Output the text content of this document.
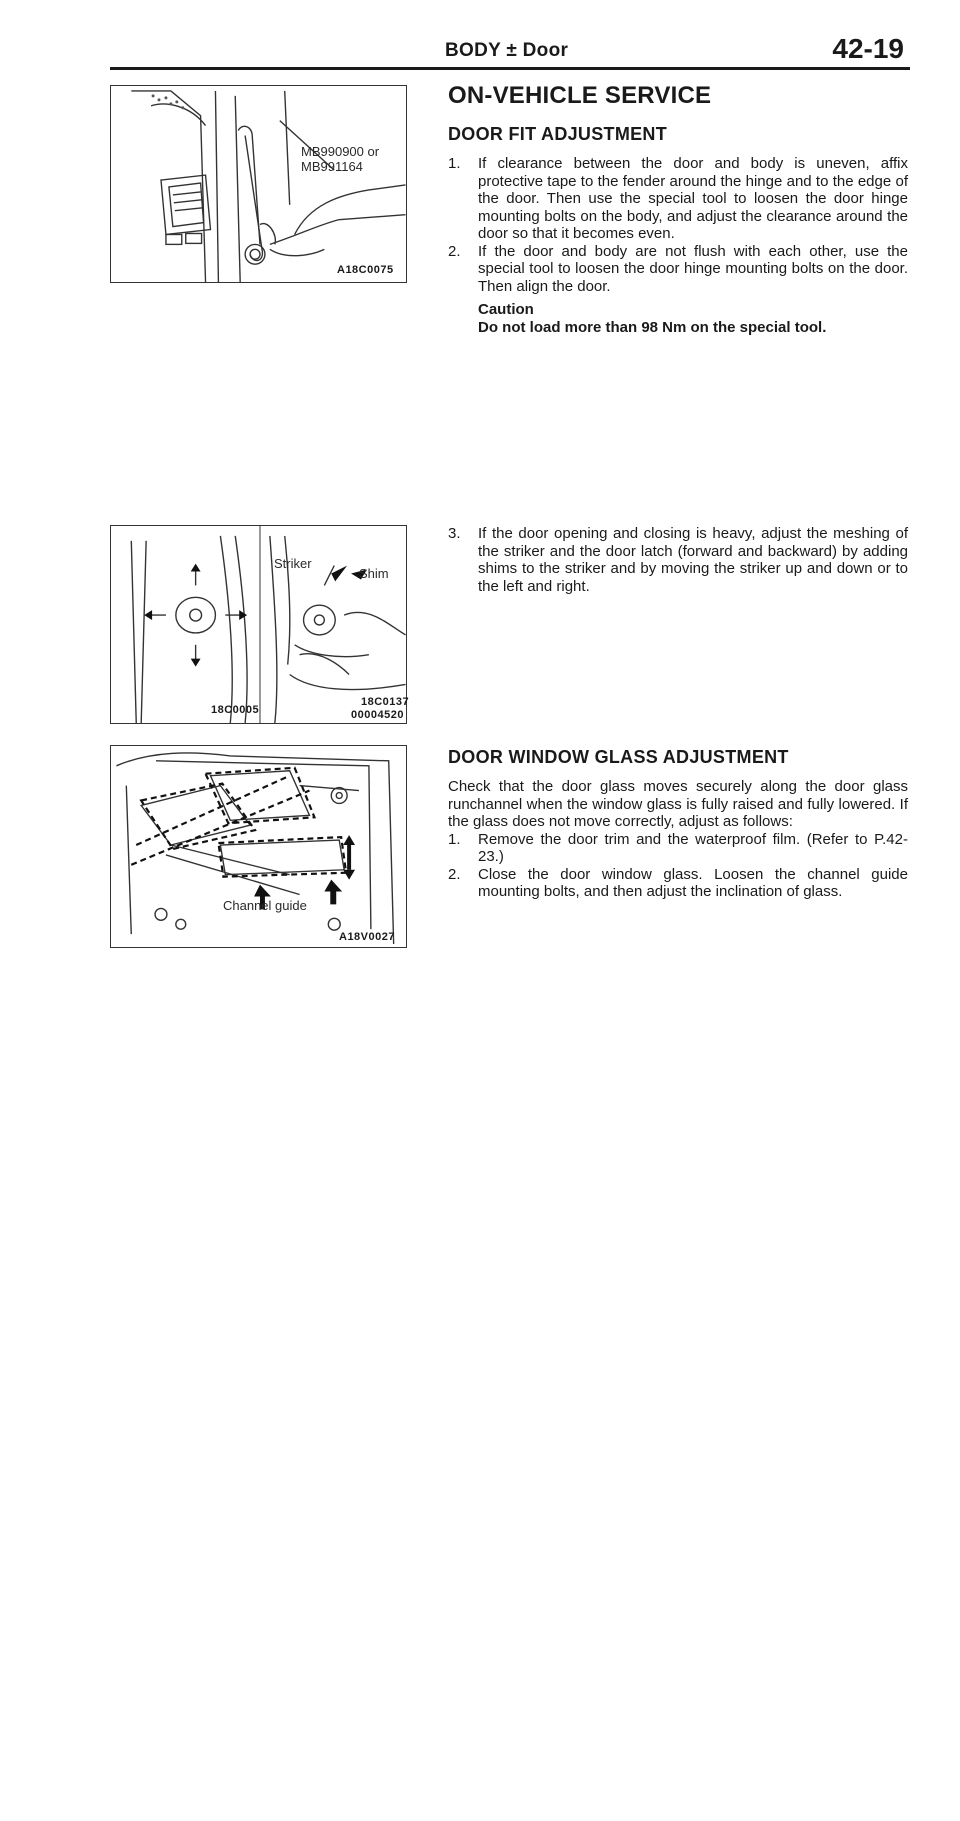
BODY ± Door	42-19
MB990900 or
MB991164
A18C0075
Striker
Shim
18C0005
18C0137
00004520
Channel guide
A18V0027
ON-VEHICLE SERVICE
DOOR FIT ADJUSTMENT

1. If clearance between the door and body is uneven, affix protective tape to the fender around the hinge and to the edge of the door. Then use the special tool to loosen the door hinge mounting bolts on the body, and adjust the clearance around the door so that it becomes even.

2. If the door and body are not flush with each other, use the special tool to loosen the door hinge mounting bolts on the door. Then align the door.

Caution

Do not load more than 98 Nm on the special tool.

3. If the door opening and closing is heavy, adjust the meshing of the striker and the door latch (forward and backward) by adding shims to the striker and by moving the striker up and down or to the left and right.

DOOR WINDOW GLASS ADJUSTMENT

Check that the door glass moves securely along the door glass runchannel when the window glass is fully raised and fully lowered. If the glass does not move correctly, adjust as follows:

1. Remove the door trim and the waterproof film. (Refer to P.42-23.)

2. Close the door window glass. Loosen the channel guide mounting bolts, and then adjust the inclination of glass.
